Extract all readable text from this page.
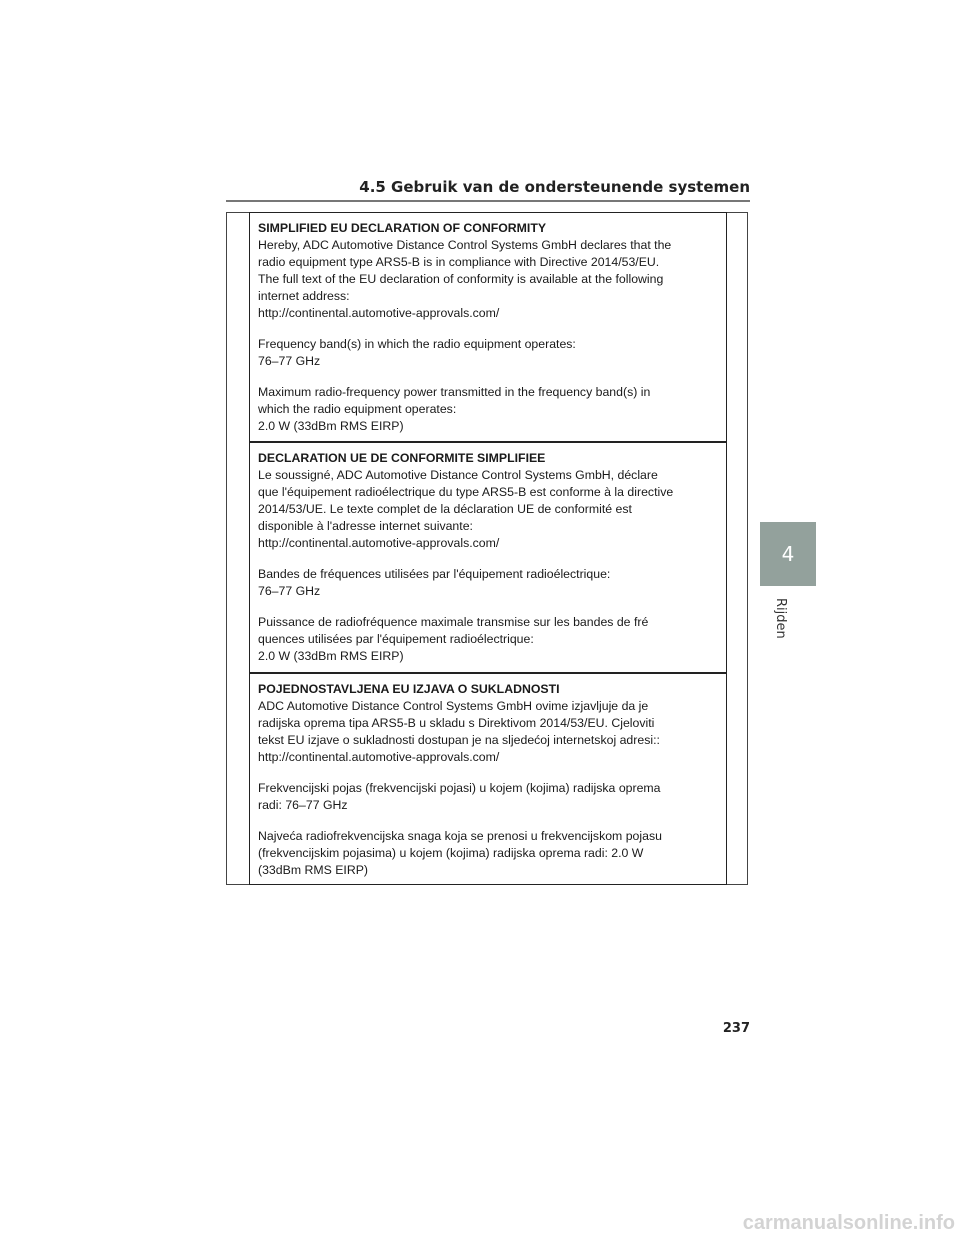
4.5 Gebruik van de ondersteunende systemen
4
Rijden
SIMPLIFIED EU DECLARATION OF CONFORMITY
Hereby, ADC Automotive Distance Control Systems GmbH declares that the
radio equipment type ARS5-B is in compliance with Directive 2014/53/EU.
The full text of the EU declaration of conformity is available at the following
internet address:
http://continental.automotive-approvals.com/
Frequency band(s) in which the radio equipment operates:
76–77 GHz
Maximum radio-frequency power transmitted in the frequency band(s) in
which the radio equipment operates:
2.0 W (33dBm RMS EIRP)
DECLARATION UE DE CONFORMITE SIMPLIFIEE
Le soussigné, ADC Automotive Distance Control Systems GmbH, déclare
que l'équipement radioélectrique du type ARS5-B est conforme à la directive
2014/53/UE. Le texte complet de la déclaration UE de conformité est
disponible à l'adresse internet suivante:
http://continental.automotive-approvals.com/
Bandes de fréquences utilisées par l'équipement radioélectrique:
76–77 GHz
Puissance de radiofréquence maximale transmise sur les bandes de fré
quences utilisées par l'équipement radioélectrique:
2.0 W (33dBm RMS EIRP)
POJEDNOSTAVLJENA EU IZJAVA O SUKLADNOSTI
ADC Automotive Distance Control Systems GmbH ovime izjavljuje da je
radijska oprema tipa ARS5-B u skladu s Direktivom 2014/53/EU. Cjeloviti
tekst EU izjave o sukladnosti dostupan je na sljedećoj internetskoj adresi::
http://continental.automotive-approvals.com/
Frekvencijski pojas (frekvencijski pojasi) u kojem (kojima) radijska oprema
radi: 76–77 GHz
Najveća radiofrekvencijska snaga koja se prenosi u frekvencijskom pojasu
(frekvencijskim pojasima) u kojem (kojima) radijska oprema radi: 2.0 W
(33dBm RMS EIRP)
237
carmanualsonline.info
